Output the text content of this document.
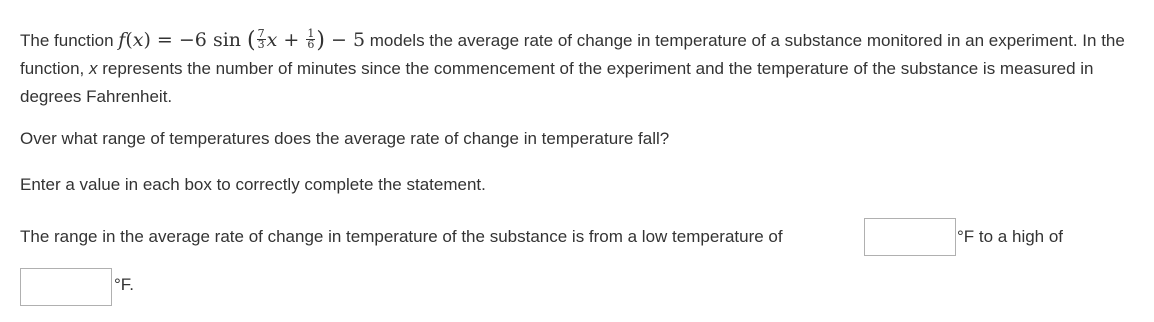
The function f(x) = −6 sin ( $\frac{7}{3}$ $x + \frac{1}{6}$ ) − 5 models the average rate of change in temperature of a substance monitored in an experiment. In the function, x represents the number of minutes since the commencement of the experiment and the temperature of the substance is measured in degrees Fahrenheit.

Over what range of temperatures does the average rate of change in temperature fall?

Enter a value in each box to correctly complete the statement.

The range in the average rate of change in temperature of the substance is from a low temperature of	°F to a high of
°F.
